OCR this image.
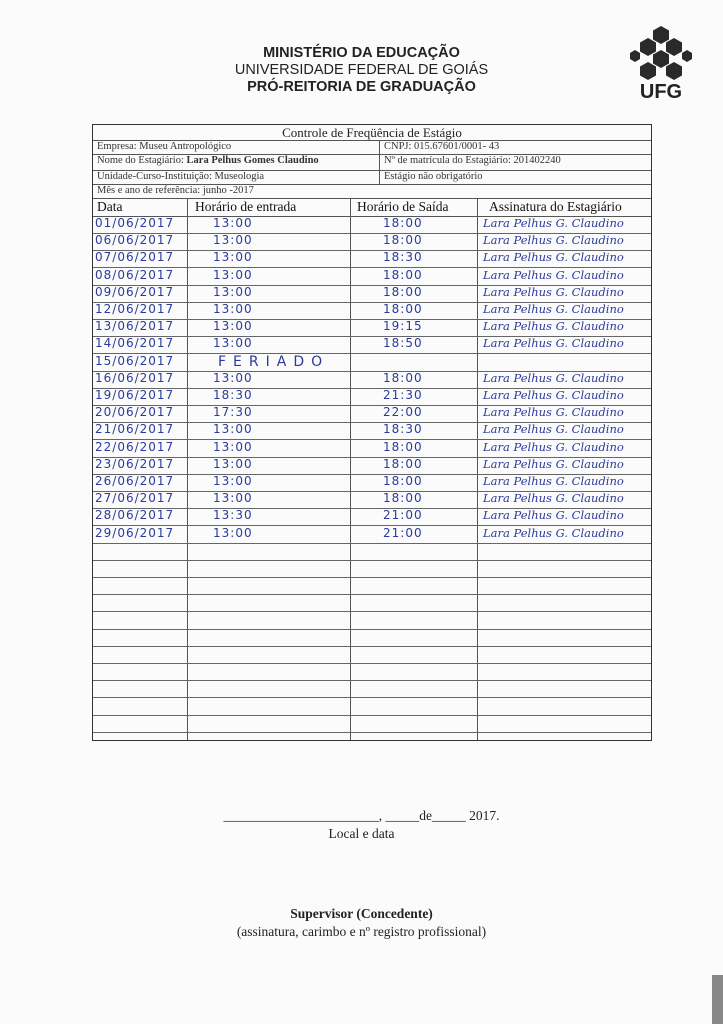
MINISTÉRIO DA EDUCAÇÃO
UNIVERSIDADE FEDERAL DE GOIÁS
PRÓ-REITORIA DE GRADUAÇÃO	UFG
Controle de Freqüência de Estágio
Empresa: Museu Antropológico	CNPJ: 015.67601/0001- 43
Nome do Estagiário: Lara Pelhus Gomes Claudino	Nº de matrícula do Estagiário: 201402240
Unidade-Curso-Instituição: Museologia	Estágio não obrigatório
Mês e ano de referência: junho -2017
Data	Horário de entrada	Horário de Saída	Assinatura do Estagiário
01/06/2017	13:00	18:00	Lara Pelhus G. Claudino
06/06/2017	13:00	18:00	Lara Pelhus G. Claudino
07/06/2017	13:00	18:30	Lara Pelhus G. Claudino
08/06/2017	13:00	18:00	Lara Pelhus G. Claudino
09/06/2017	13:00	18:00	Lara Pelhus G. Claudino
12/06/2017	13:00	18:00	Lara Pelhus G. Claudino
13/06/2017	13:00	19:15	Lara Pelhus G. Claudino
14/06/2017	13:00	18:50	Lara Pelhus G. Claudino
15/06/2017	FERIADO
16/06/2017	13:00	18:00	Lara Pelhus G. Claudino
19/06/2017	18:30	21:30	Lara Pelhus G. Claudino
20/06/2017	17:30	22:00	Lara Pelhus G. Claudino
21/06/2017	13:00	18:30	Lara Pelhus G. Claudino
22/06/2017	13:00	18:00	Lara Pelhus G. Claudino
23/06/2017	13:00	18:00	Lara Pelhus G. Claudino
26/06/2017	13:00	18:00	Lara Pelhus G. Claudino
27/06/2017	13:00	18:00	Lara Pelhus G. Claudino
28/06/2017	13:30	21:00	Lara Pelhus G. Claudino
29/06/2017	13:00	21:00	Lara Pelhus G. Claudino
_______________________, _____de_____ 2017.
Local e data
Supervisor (Concedente)
(assinatura, carimbo e nº registro profissional)
